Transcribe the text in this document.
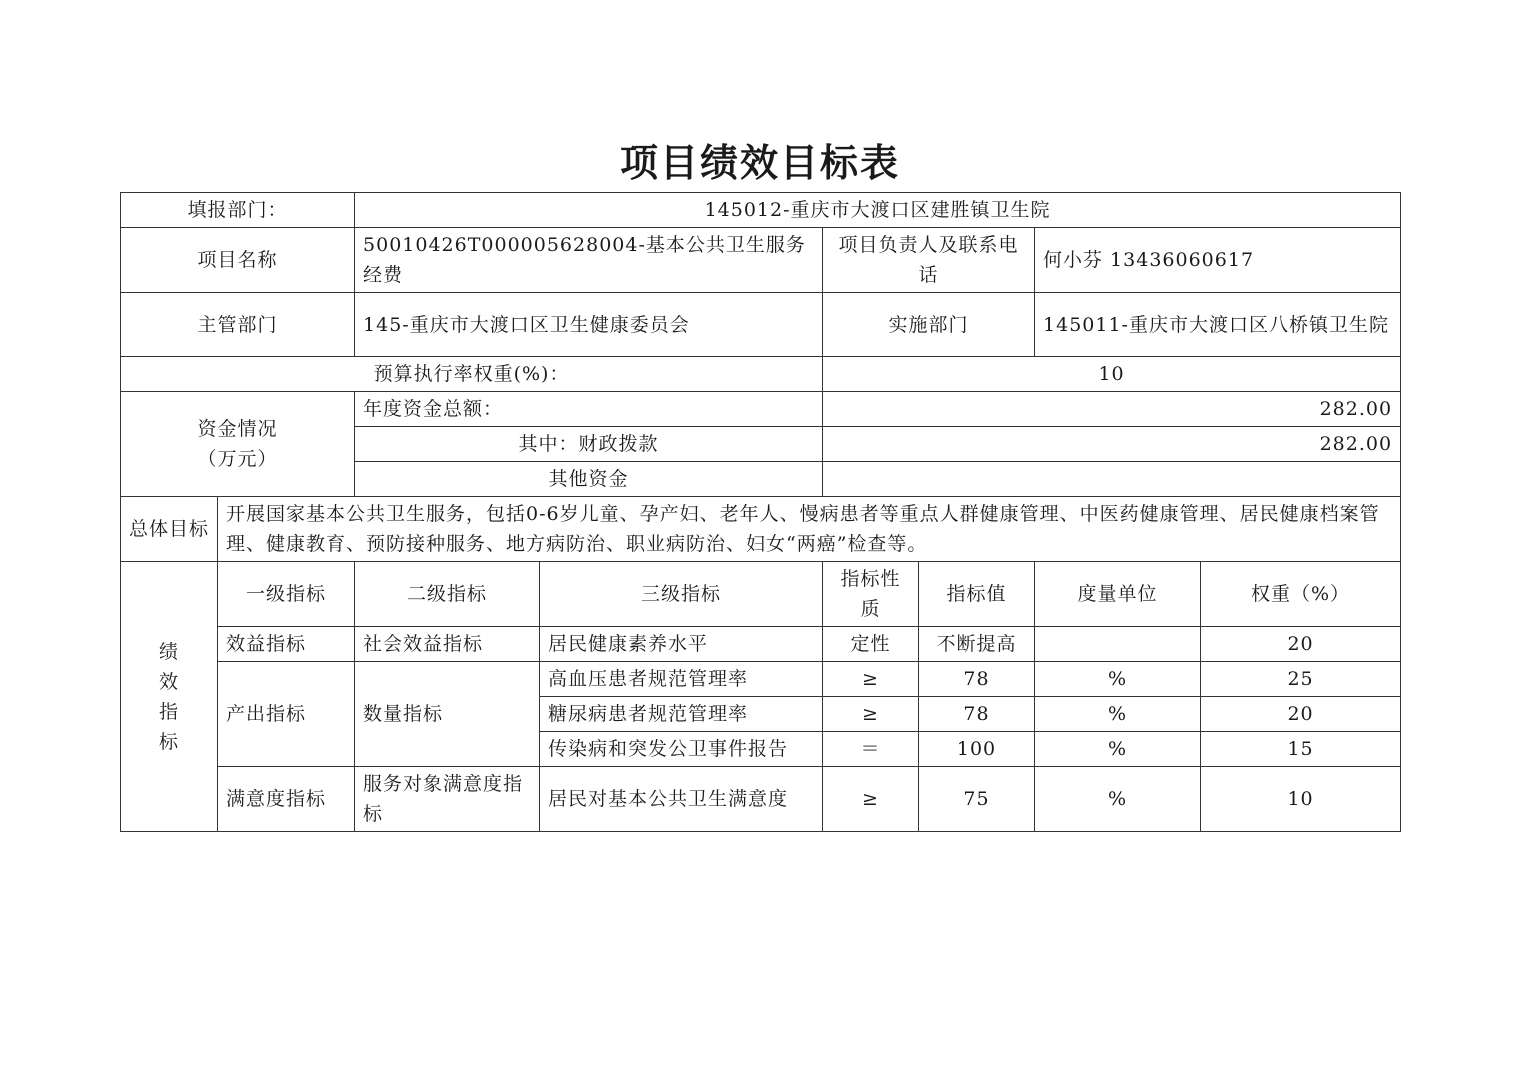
项目绩效目标表
填报部门：		145012-重庆市大渡口区建胜镇卫生院					
项目名称		50010426T000005628004-基本公共卫生服务经费		项目负责人及联系电话		何小芬 13436060617	
主管部门		145-重庆市大渡口区卫生健康委员会		实施部门		145011-重庆市大渡口区八桥镇卫生院	
预算执行率权重(%)：				10			

资金情况
（万元）		年度资金总额：		282.00			
		其中：财政拨款		282.00			
		其他资金					
总体目标	开展国家基本公共卫生服务，包括0-6岁儿童、孕产妇、老年人、慢病患者等重点人群健康管理、中医药健康管理、居民健康档案管理、健康教育、预防接种服务、地方病防治、职业病防治、妇女“两癌”检查等。						

绩
效
指
标	一级指标	二级指标	三级指标	指标性质	指标值	度量单位	权重（%）
	效益指标	社会效益指标	居民健康素养水平	定性	不断提高		20
	产出指标	数量指标	高血压患者规范管理率	≥	78	%	25
			糖尿病患者规范管理率	≥	78	%	20
			传染病和突发公卫事件报告	＝	100	%	15
	满意度指标	服务对象满意度指标	居民对基本公共卫生满意度	≥	75	%	10
